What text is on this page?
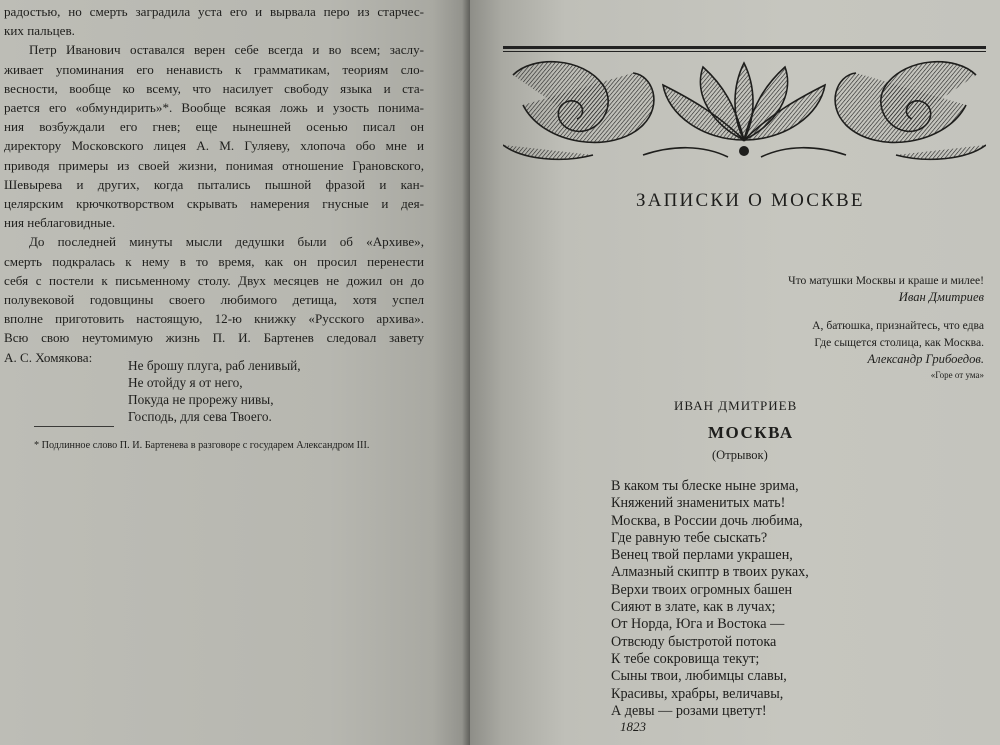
радостью, но смерть заградила уста его и вырвала перо из старчес-
ких пальцев.
Петр Иванович оставался верен себе всегда и во всем; заслу-
живает упоминания его ненависть к грамматикам, теориям сло-
весности, вообще ко всему, что насилует свободу языка и ста-
рается его «обмундирить»*. Вообще всякая ложь и узость понима-
ния возбуждали его гнев; еще нынешней осенью писал он
директору Московского лицея А. М. Гуляеву, хлопоча обо мне и
приводя примеры из своей жизни, понимая отношение Грановского,
Шевырева и других, когда пытались пышной фразой и кан-
целярским крючкотворством скрывать намерения гнусные и дея-
ния неблаговидные.
До последней минуты мысли дедушки были об «Архиве»,
смерть подкралась к нему в то время, как он просил перенести
себя с постели к письменному столу. Двух месяцев не дожил он до
полувековой годовщины своего любимого детища, хотя успел
вполне приготовить настоящую, 12-ю книжку «Русского архива».
Всю свою неутомимую жизнь П. И. Бартенев следовал завету
А. С. Хомякова:
Не брошу плуга, раб ленивый,
Не отойду я от него,
Покуда не прорежу нивы,
Господь, для сева Твоего.
* Подлинное слово П. И. Бартенева в разговоре с государем Александром III.
ЗАПИСКИ О МОСКВЕ
Что матушки Москвы и краше и милее!
Иван Дмитриев
А, батюшка, признайтесь, что едва
Где сыщется столица, как Москва.
Александр Грибоедов.
«Горе от ума»
ИВАН ДМИТРИЕВ
МОСКВА
(Отрывок)
В каком ты блеске ныне зрима,
Княжений знаменитых мать!
Москва, в России дочь любима,
Где равную тебе сыскать?
Венец твой перлами украшен,
Алмазный скиптр в твоих руках,
Верхи твоих огромных башен
Сияют в злате, как в лучах;
От Норда, Юга и Востока —
Отвсюду быстротой потока
К тебе сокровища текут;
Сыны твои, любимцы славы,
Красивы, храбры, величавы,
А девы — розами цветут!
1823
